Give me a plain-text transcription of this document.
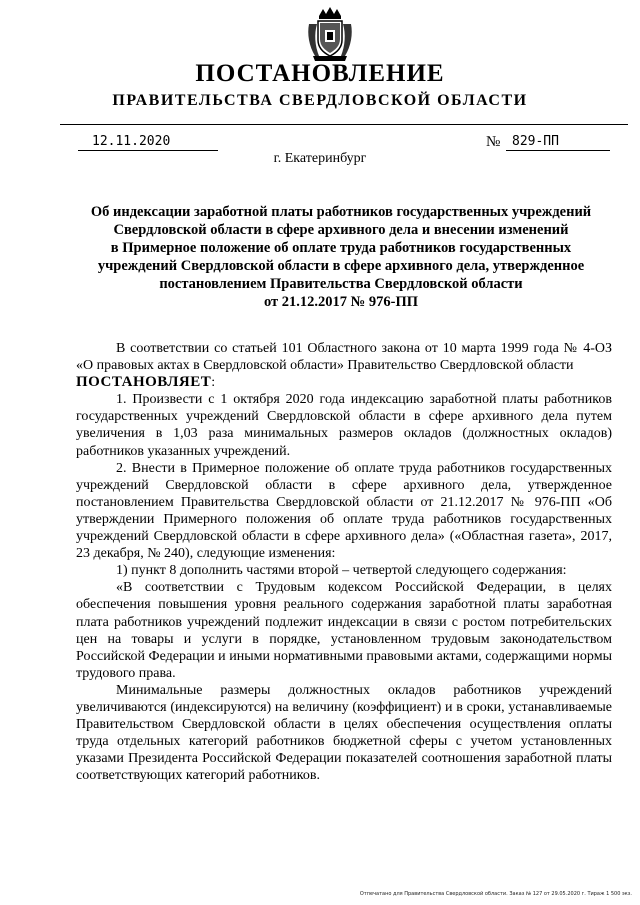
ПОСТАНОВЛЕНИЕ
ПРАВИТЕЛЬСТВА СВЕРДЛОВСКОЙ ОБЛАСТИ
12.11.2020	№ 829-ПП
г. Екатеринбург
Об индексации заработной платы работников государственных учреждений
Свердловской области в сфере архивного дела и внесении изменений
в Примерное положение об оплате труда работников государственных
учреждений Свердловской области в сфере архивного дела, утвержденное
постановлением Правительства Свердловской области
от 21.12.2017 № 976-ПП

В соответствии со статьей 101 Областного закона от 10 марта 1999 года № 4-ОЗ «О правовых актах в Свердловской области» Правительство Свердловской области

ПОСТАНОВЛЯЕТ:

1. Произвести с 1 октября 2020 года индексацию заработной платы работников государственных учреждений Свердловской области в сфере архивного дела путем увеличения в 1,03 раза минимальных размеров окладов (должностных окладов) работников указанных учреждений.

2. Внести в Примерное положение об оплате труда работников государственных учреждений Свердловской области в сфере архивного дела, утвержденное постановлением Правительства Свердловской области от 21.12.2017 № 976-ПП «Об утверждении Примерного положения об оплате труда работников государственных учреждений Свердловской области в сфере архивного дела» («Областная газета», 2017, 23 декабря, № 240), следующие изменения:

1) пункт 8 дополнить частями второй – четвертой следующего содержания:

«В соответствии с Трудовым кодексом Российской Федерации, в целях обеспечения повышения уровня реального содержания заработной платы заработная плата работников учреждений подлежит индексации в связи с ростом потребительских цен на товары и услуги в порядке, установленном трудовым законодательством Российской Федерации и иными нормативными правовыми актами, содержащими нормы трудового права.

Минимальные размеры должностных окладов работников учреждений увеличиваются (индексируются) на величину (коэффициент) и в сроки, устанавливаемые Правительством Свердловской области в целях обеспечения осуществления оплаты труда отдельных категорий работников бюджетной сферы с учетом установленных указами Президента Российской Федерации показателей соотношения заработной платы соответствующих категорий работников.

Отпечатано для Правительства Свердловской области. Заказ № 127 от 29.05.2020 г. Тираж 1 500 экз.
